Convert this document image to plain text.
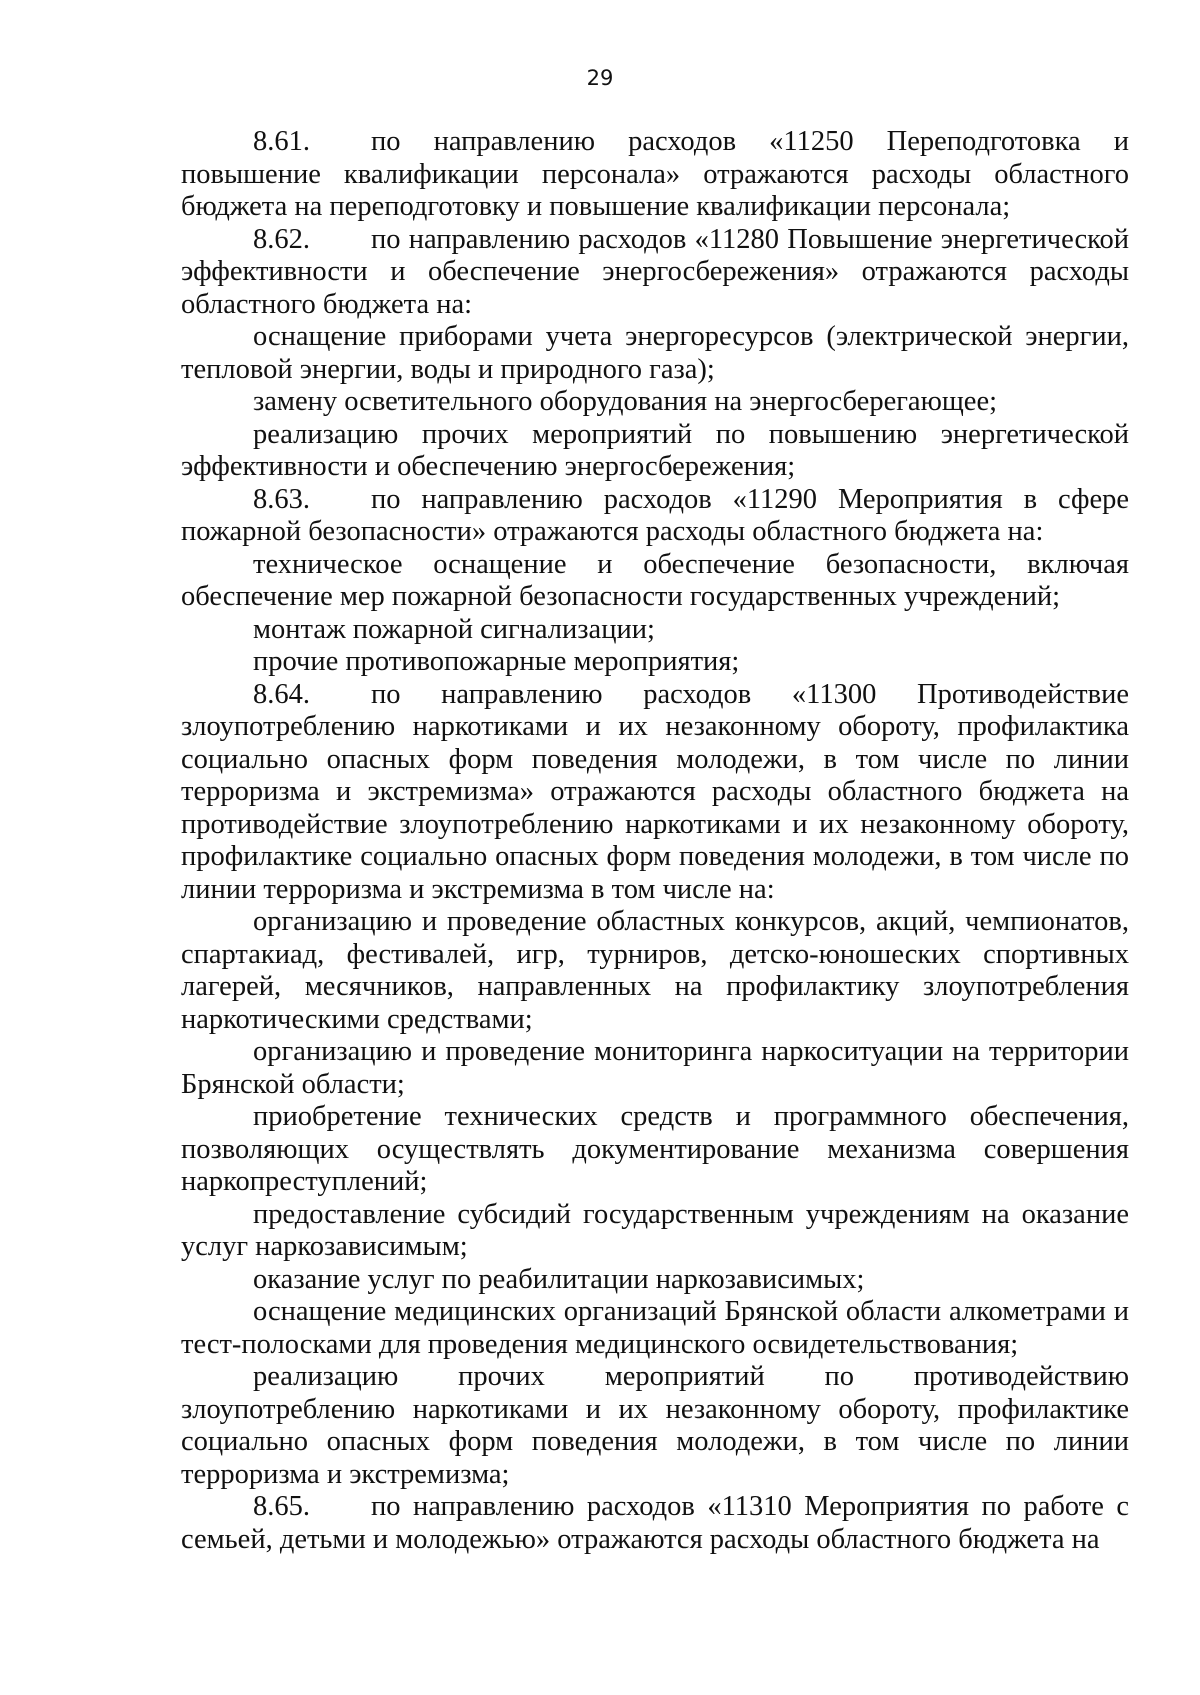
29

8.61. по направлению расходов «11250 Переподготовка и повышение квалификации персонала» отражаются расходы областного бюджета на переподготовку и повышение квалификации персонала;

8.62. по направлению расходов «11280 Повышение энергетической эффективности и обеспечение энергосбережения» отражаются расходы областного бюджета на:

оснащение приборами учета энергоресурсов (электрической энергии, тепловой энергии, воды и природного газа);

замену осветительного оборудования на энергосберегающее;

реализацию прочих мероприятий по повышению энергетической эффективности и обеспечению энергосбережения;

8.63. по направлению расходов «11290 Мероприятия в сфере пожарной безопасности» отражаются расходы областного бюджета на:

техническое оснащение и обеспечение безопасности, включая обеспечение мер пожарной безопасности государственных учреждений;

монтаж пожарной сигнализации;

прочие противопожарные мероприятия;

8.64. по направлению расходов «11300 Противодействие злоупотреблению наркотиками и их незаконному обороту, профилактика социально опасных форм поведения молодежи, в том числе по линии терроризма и экстремизма» отражаются расходы областного бюджета на противодействие злоупотреблению наркотиками и их незаконному обороту, профилактике социально опасных форм поведения молодежи, в том числе по линии терроризма и экстремизма в том числе на:

организацию и проведение областных конкурсов, акций, чемпионатов, спартакиад, фестивалей, игр, турниров, детско-юношеских спортивных лагерей, месячников, направленных на профилактику злоупотребления наркотическими средствами;

организацию и проведение мониторинга наркоситуации на территории Брянской области;

приобретение технических средств и программного обеспечения, позволяющих осуществлять документирование механизма совершения наркопреступлений;

предоставление субсидий государственным учреждениям на оказание услуг наркозависимым;

оказание услуг по реабилитации наркозависимых;

оснащение медицинских организаций Брянской области алкометрами и тест-полосками для проведения медицинского освидетельствования;

реализацию прочих мероприятий по противодействию злоупотреблению наркотиками и их незаконному обороту, профилактике социально опасных форм поведения молодежи, в том числе по линии терроризма и экстремизма;

8.65. по направлению расходов «11310 Мероприятия по работе с семьей, детьми и молодежью» отражаются расходы областного бюджета на
